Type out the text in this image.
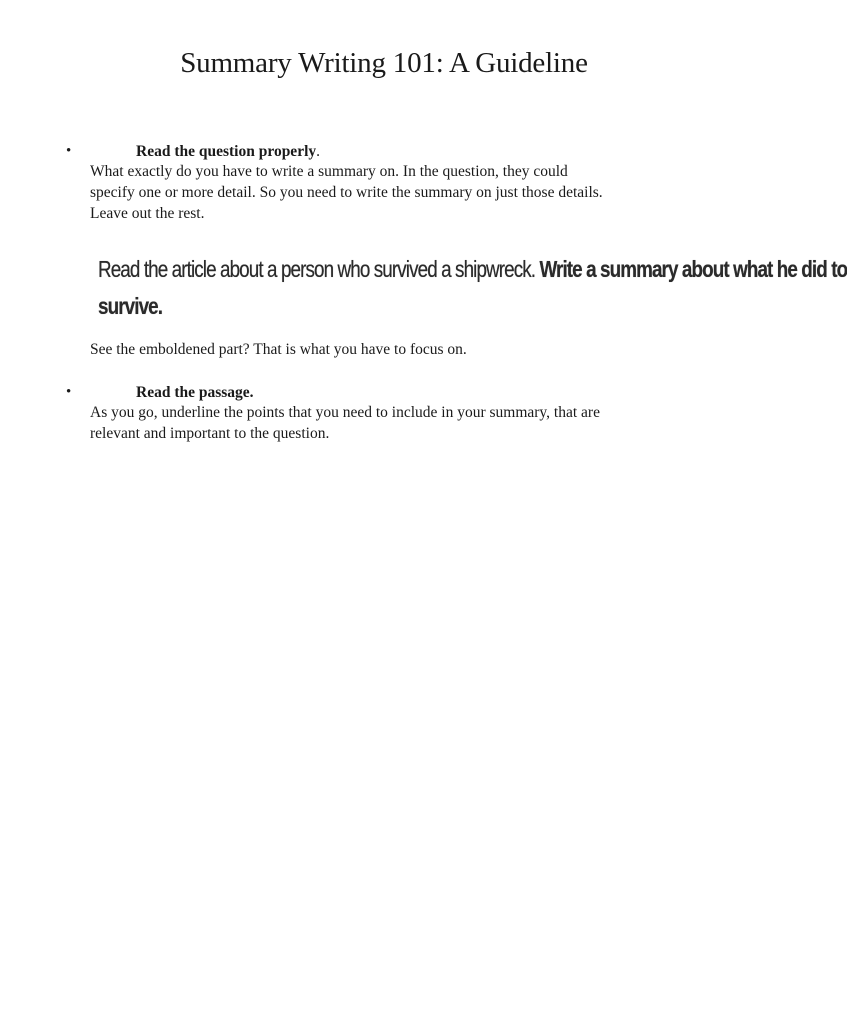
Summary Writing 101: A Guideline
•	Read the question properly.

What exactly do you have to write a summary on. In the question, they could

specify one or more detail. So you need to write the summary on just those details.

Leave out the rest.

Read the article about a person who survived a shipwreck. Write a summary about what he did to
survive.
See the emboldened part? That is what you have to focus on.
•	Read the passage.

As you go, underline the points that you need to include in your summary, that are

relevant and important to the question.
